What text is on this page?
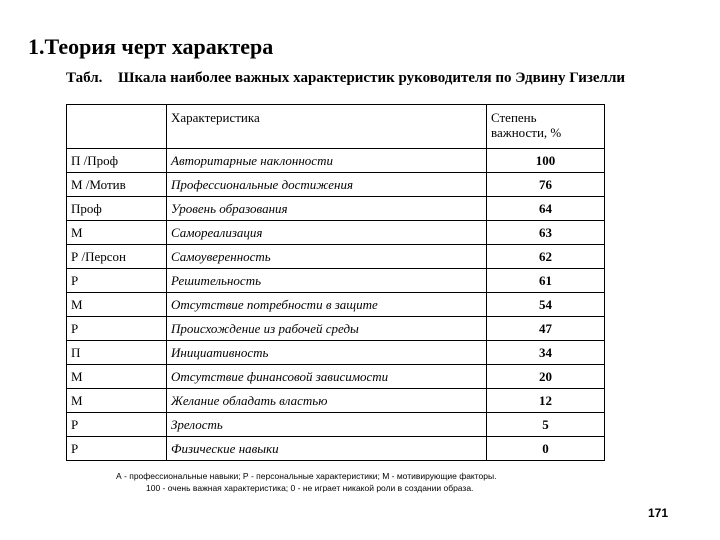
1.Теория черт характера
Табл. Шкала наиболее важных характеристик руководителя по Эдвину Гизелли
	Характеристика	Степень
важности, %
П /Проф	Авторитарные наклонности	100
М /Мотив	Профессиональные достижения	76
Проф	Уровень образования	64
М	Самореализация	63
Р /Персон	Самоуверенность	62
Р	Решительность	61
М	Отсутствие потребности в защите	54
Р	Происхождение из рабочей среды	47
П	Инициативность	34
М	Отсутствие финансовой зависимости	20
М	Желание обладать властью	12
Р	Зрелость	5
Р	Физические навыки	0
А - профессиональные навыки; Р - персональные характеристики; М - мотивирующие факторы.
100 - очень важная характеристика; 0 - не играет никакой роли в создании образа.
171
